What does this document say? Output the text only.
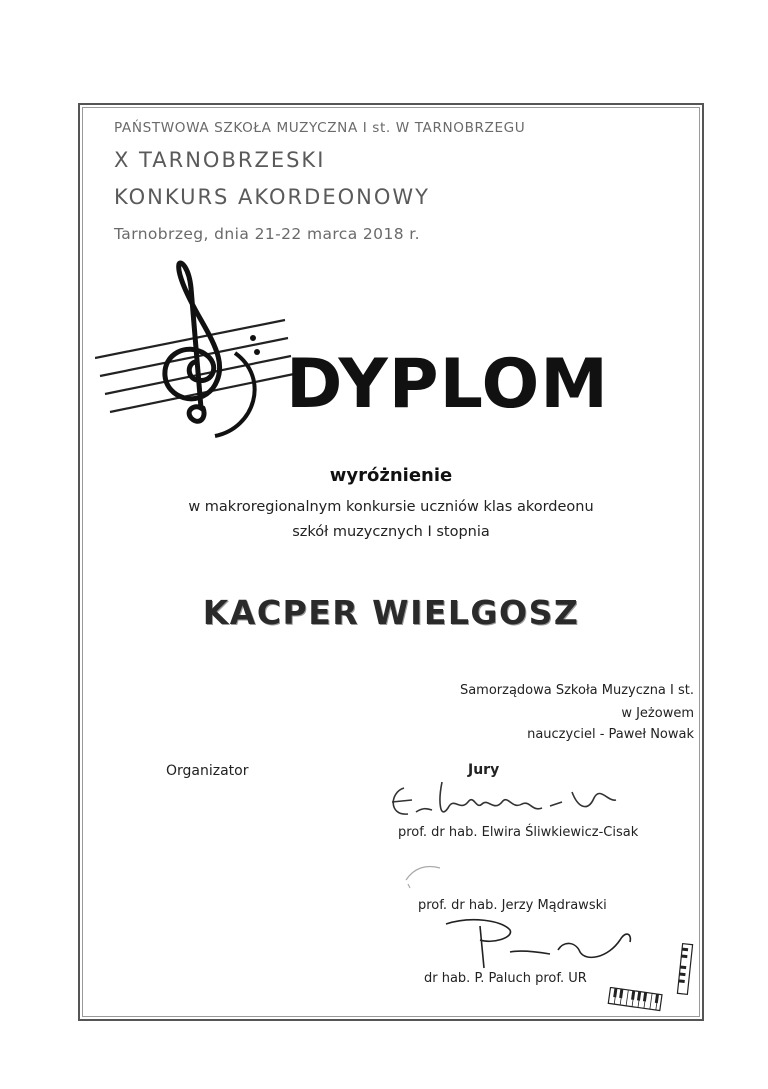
PAŃSTWOWA SZKOŁA MUZYCZNA I st. W TARNOBRZEGU
X TARNOBRZESKI
KONKURS AKORDEONOWY
Tarnobrzeg, dnia 21-22 marca 2018 r.
DYPLOM
wyróżnienie
w makroregionalnym konkursie uczniów klas akordeonu
szkół muzycznych I stopnia
KACPER WIELGOSZ
Samorządowa Szkoła Muzyczna I st.
w Jeżowem
nauczyciel - Paweł Nowak
Organizator	Jury
prof. dr hab. Elwira Śliwkiewicz-Cisak
prof. dr hab. Jerzy Mądrawski
dr hab. P. Paluch prof. UR
